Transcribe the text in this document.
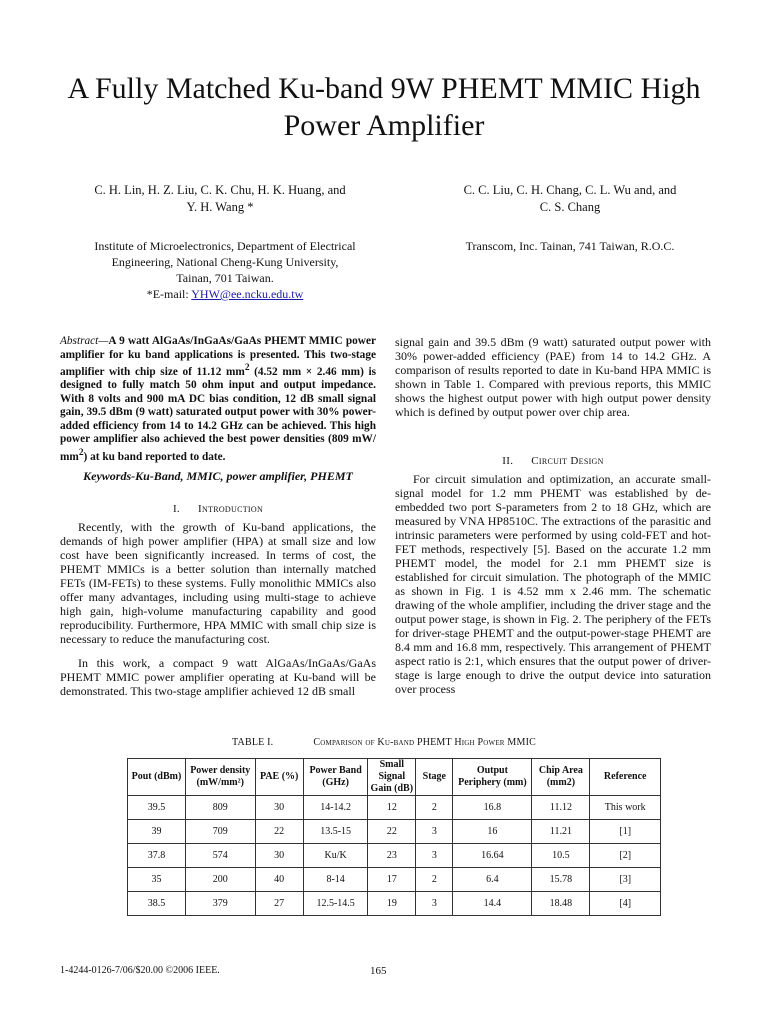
A Fully Matched Ku-band 9W PHEMT MMIC High Power Amplifier
C. H. Lin, H. Z. Liu, C. K. Chu, H. K. Huang, and
Y. H. Wang *
C. C. Liu, C. H. Chang, C. L. Wu and, and
C. S. Chang
Institute of Microelectronics, Department of Electrical
Engineering, National Cheng-Kung University,
Tainan, 701 Taiwan.
*E-mail: YHW@ee.ncku.edu.tw
Transcom, Inc. Tainan, 741 Taiwan, R.O.C.
Abstract—A 9 watt AlGaAs/InGaAs/GaAs PHEMT MMIC power amplifier for ku band applications is presented. This two-stage amplifier with chip size of 11.12 $mm^2$ (4.52 mm × 2.46 mm) is designed to fully match 50 ohm input and output impedance. With 8 volts and 900 mA DC bias condition, 12 dB small signal gain, 39.5 dBm (9 watt) saturated output power with 30% power-added efficiency from 14 to 14.2 GHz can be achieved. This high power amplifier also achieved the best power densities (809 mW/ $mm^2$) at ku band reported to date.
Keywords-Ku-Band, MMIC, power amplifier, PHEMT
I. Introduction

Recently, with the growth of Ku-band applications, the demands of high power amplifier (HPA) at small size and low cost have been significantly increased. In terms of cost, the PHEMT MMICs is a better solution than internally matched FETs (IM-FETs) to these systems. Fully monolithic MMICs also offer many advantages, including using multi-stage to achieve high gain, high-volume manufacturing capability and good reproducibility. Furthermore, HPA MMIC with small chip size is necessary to reduce the manufacturing cost.

In this work, a compact 9 watt AlGaAs/InGaAs/GaAs PHEMT MMIC power amplifier operating at Ku-band will be demonstrated. This two-stage amplifier achieved 12 dB small

signal gain and 39.5 dBm (9 watt) saturated output power with 30% power-added efficiency (PAE) from 14 to 14.2 GHz. A comparison of results reported to date in Ku-band HPA MMIC is shown in Table 1. Compared with previous reports, this MMIC shows the highest output power with high output power density which is defined by output power over chip area.

II. Circuit Design

For circuit simulation and optimization, an accurate small-signal model for 1.2 mm PHEMT was established by de-embedded two port S-parameters from 2 to 18 GHz, which are measured by VNA HP8510C. The extractions of the parasitic and intrinsic parameters were performed by using cold-FET and hot-FET methods, respectively [5]. Based on the accurate 1.2 mm PHEMT model, the model for 2.1 mm PHEMT size is established for circuit simulation. The photograph of the MMIC as shown in Fig. 1 is 4.52 mm x 2.46 mm. The schematic drawing of the whole amplifier, including the driver stage and the output power stage, is shown in Fig. 2. The periphery of the FETs for driver-stage PHEMT and the output-power-stage PHEMT are 8.4 mm and 16.8 mm, respectively. This arrangement of PHEMT aspect ratio is 2:1, which ensures that the output power of driver-stage is large enough to drive the output device into saturation over process

TABLE I.	Comparison of Ku-band PHEMT High Power MMIC
Pout (dBm)	Power density (mW/mm²)	PAE (%)	Power Band (GHz)	Small Signal Gain (dB)	Stage	Output Periphery (mm)	Chip Area (mm2)	Reference
39.5	809	30	14-14.2	12	2	16.8	11.12	This work
39	709	22	13.5-15	22	3	16	11.21	[1]
37.8	574	30	Ku/K	23	3	16.64	10.5	[2]
35	200	40	8-14	17	2	6.4	15.78	[3]
38.5	379	27	12.5-14.5	19	3	14.4	18.48	[4]
1-4244-0126-7/06/$20.00 ©2006 IEEE.	165
